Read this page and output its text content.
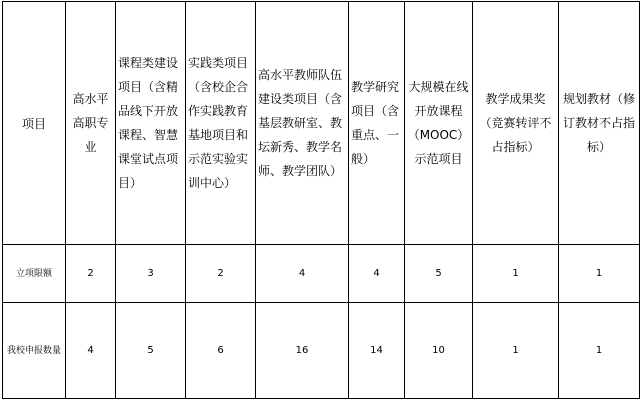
项目	高水平高职专业	课程类建设项目（含精品线下开放课程、智慧课堂试点项目）	实践类项目（含校企合作实践教育基地项目和示范实验实训中心）	高水平教师队伍建设类项目（含基层教研室、教坛新秀、教学名师、教学团队）	教学研究项目（含重点、一般）	大规模在线开放课程（MOOC）示范项目	教学成果奖（竞赛转评不占指标）	规划教材（修订教材不占指标）

立项限额	2	3	2	4	4	5	1	1

我校申报数量	4	5	6	16	14	10	1	1
